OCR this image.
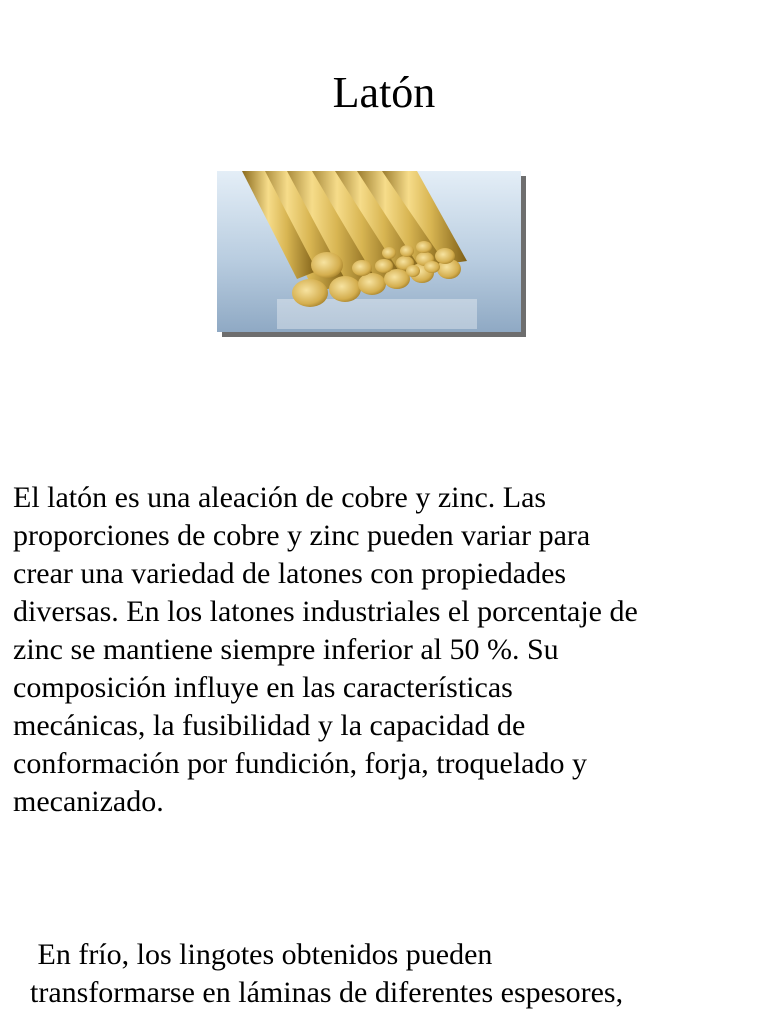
Latón

El latón es una aleación de cobre y zinc. Las
proporciones de cobre y zinc pueden variar para
crear una variedad de latones con propiedades
diversas. En los latones industriales el porcentaje de
zinc se mantiene siempre inferior al 50 %. Su
composición influye en las características
mecánicas, la fusibilidad y la capacidad de
conformación por fundición, forja, troquelado y
mecanizado.

En frío, los lingotes obtenidos pueden
transformarse en láminas de diferentes espesores,
